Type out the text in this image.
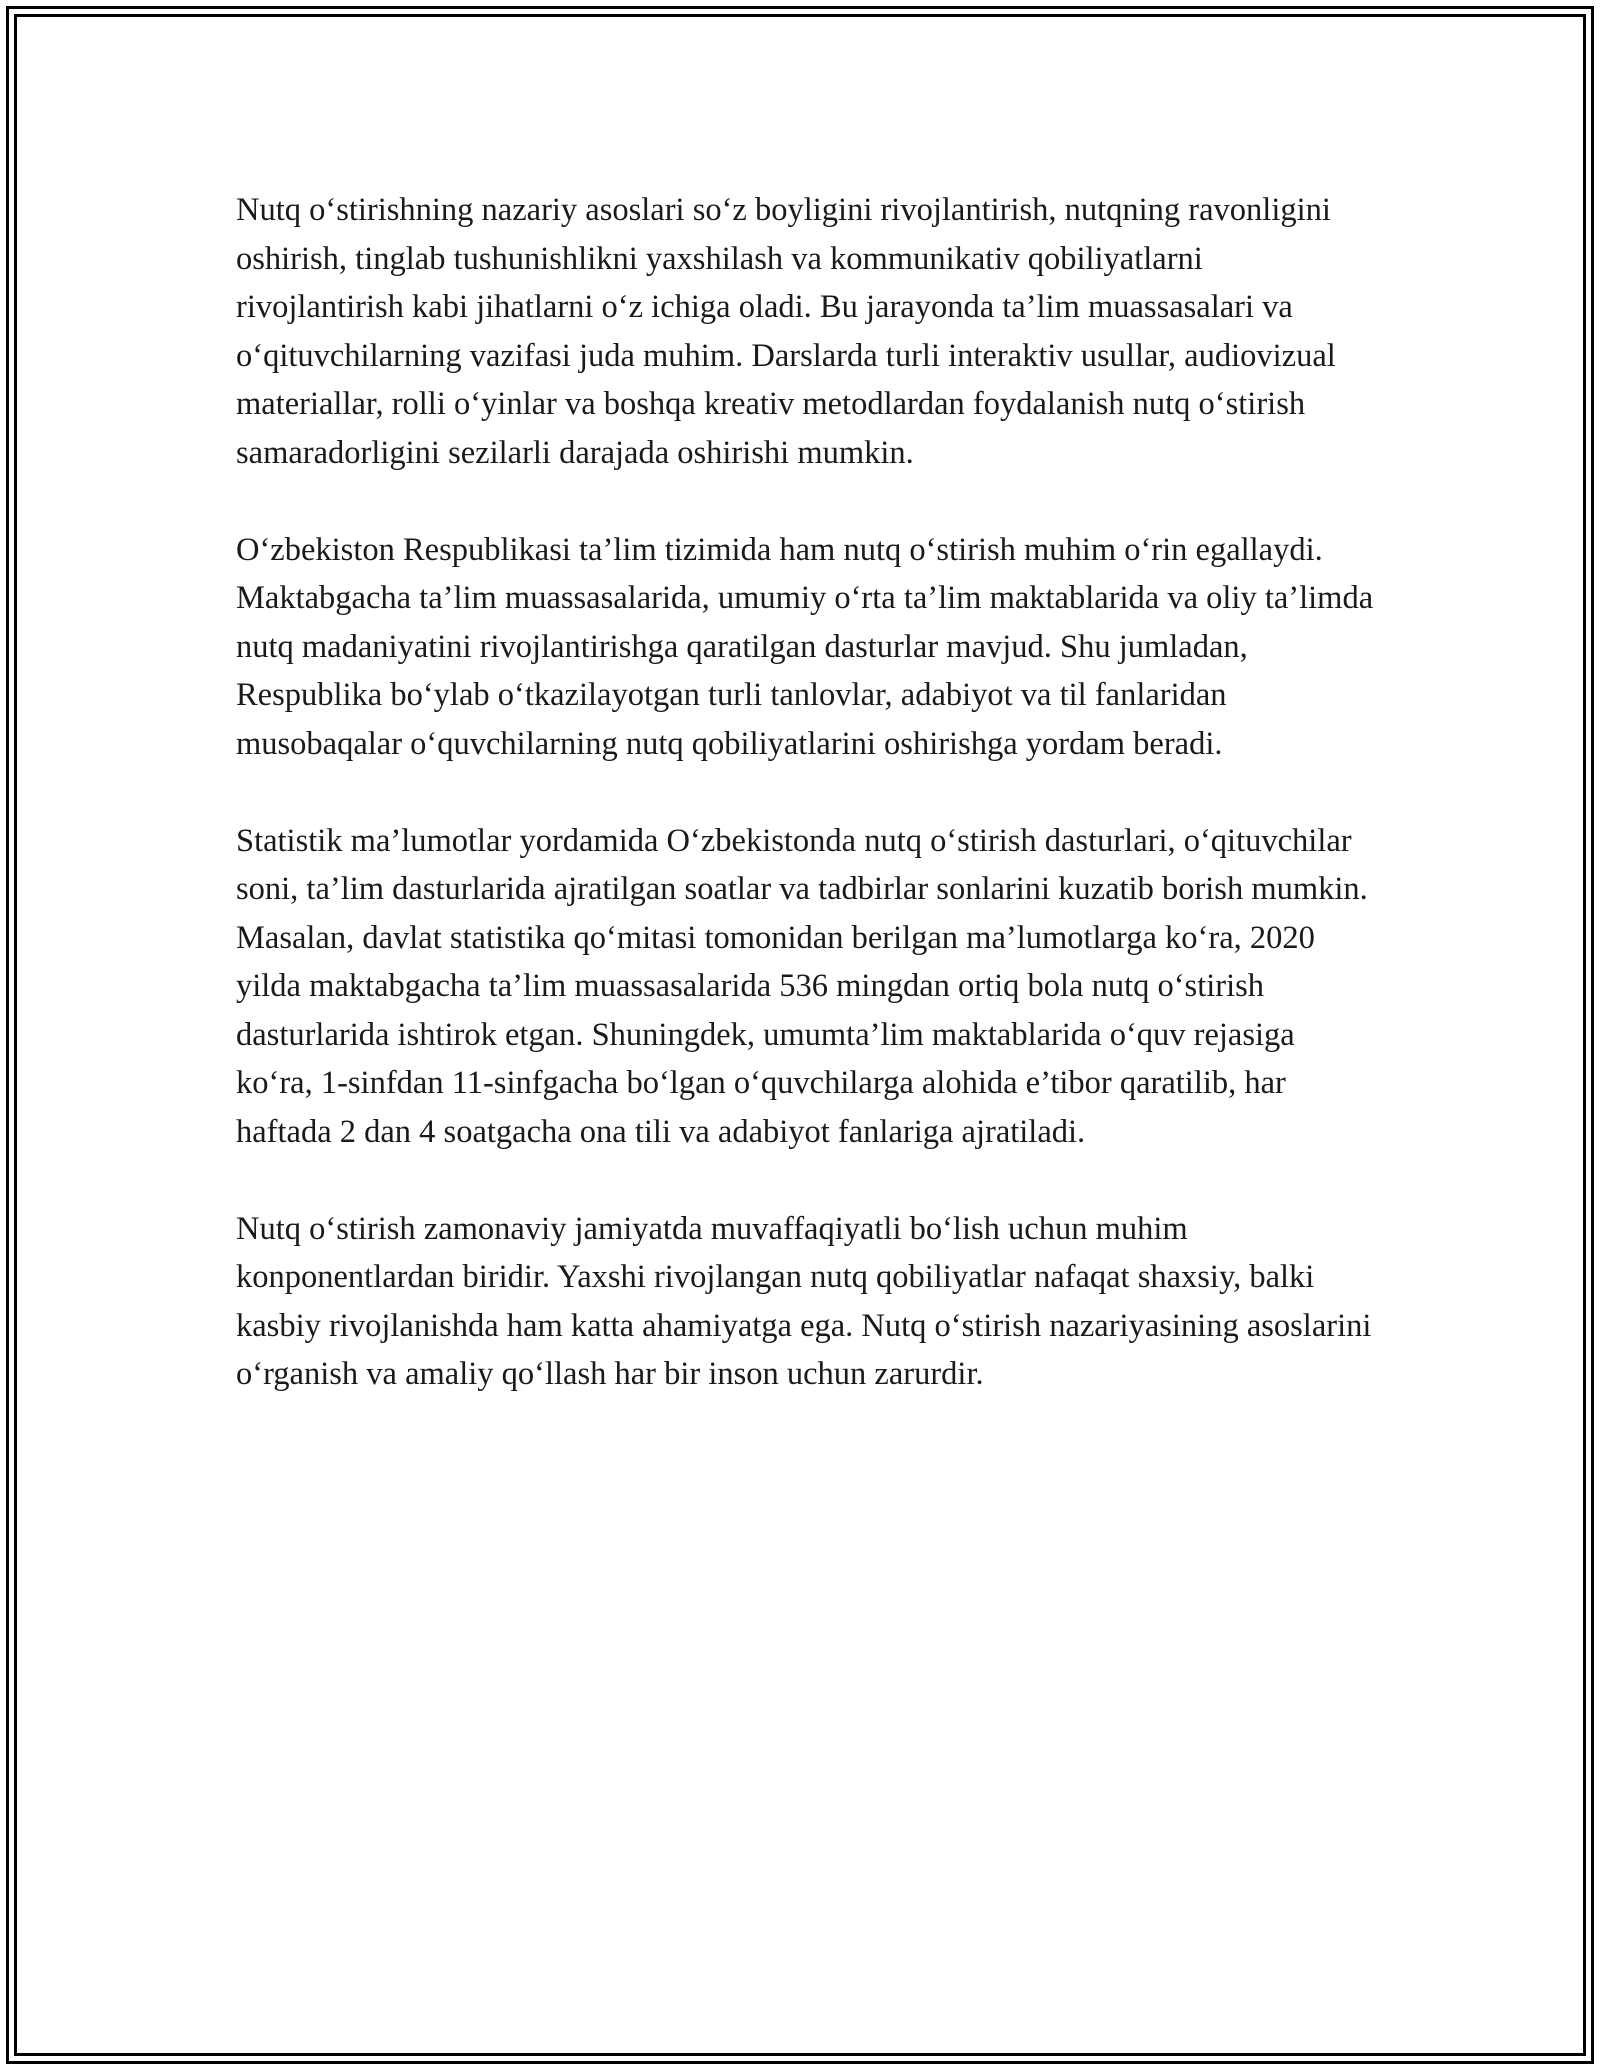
Nutq o‘stirishning nazariy asoslari so‘z boyligini rivojlantirish, nutqning ravonligini oshirish, tinglab tushunishlikni yaxshilash va kommunikativ qobiliyatlarni rivojlantirish kabi jihatlarni o‘z ichiga oladi. Bu jarayonda ta’lim muassasalari va o‘qituvchilarning vazifasi juda muhim. Darslarda turli interaktiv usullar, audiovizual materiallar, rolli o‘yinlar va boshqa kreativ metodlardan foydalanish nutq o‘stirish samaradorligini sezilarli darajada oshirishi mumkin.

O‘zbekiston Respublikasi ta’lim tizimida ham nutq o‘stirish muhim o‘rin egallaydi. Maktabgacha ta’lim muassasalarida, umumiy o‘rta ta’lim maktablarida va oliy ta’limda nutq madaniyatini rivojlantirishga qaratilgan dasturlar mavjud. Shu jumladan, Respublika bo‘ylab o‘tkazilayotgan turli tanlovlar, adabiyot va til fanlaridan musobaqalar o‘quvchilarning nutq qobiliyatlarini oshirishga yordam beradi.

Statistik ma’lumotlar yordamida O‘zbekistonda nutq o‘stirish dasturlari, o‘qituvchilar soni, ta’lim dasturlarida ajratilgan soatlar va tadbirlar sonlarini kuzatib borish mumkin. Masalan, davlat statistika qo‘mitasi tomonidan berilgan ma’lumotlarga ko‘ra, 2020 yilda maktabgacha ta’lim muassasalarida 536 mingdan ortiq bola nutq o‘stirish dasturlarida ishtirok etgan. Shuningdek, umumta’lim maktablarida o‘quv rejasiga ko‘ra, 1-sinfdan 11-sinfgacha bo‘lgan o‘quvchilarga alohida e’tibor qaratilib, har haftada 2 dan 4 soatgacha ona tili va adabiyot fanlariga ajratiladi.

Nutq o‘stirish zamonaviy jamiyatda muvaffaqiyatli bo‘lish uchun muhim konponentlardan biridir. Yaxshi rivojlangan nutq qobiliyatlar nafaqat shaxsiy, balki kasbiy rivojlanishda ham katta ahamiyatga ega. Nutq o‘stirish nazariyasining asoslarini o‘rganish va amaliy qo‘llash har bir inson uchun zarurdir.
